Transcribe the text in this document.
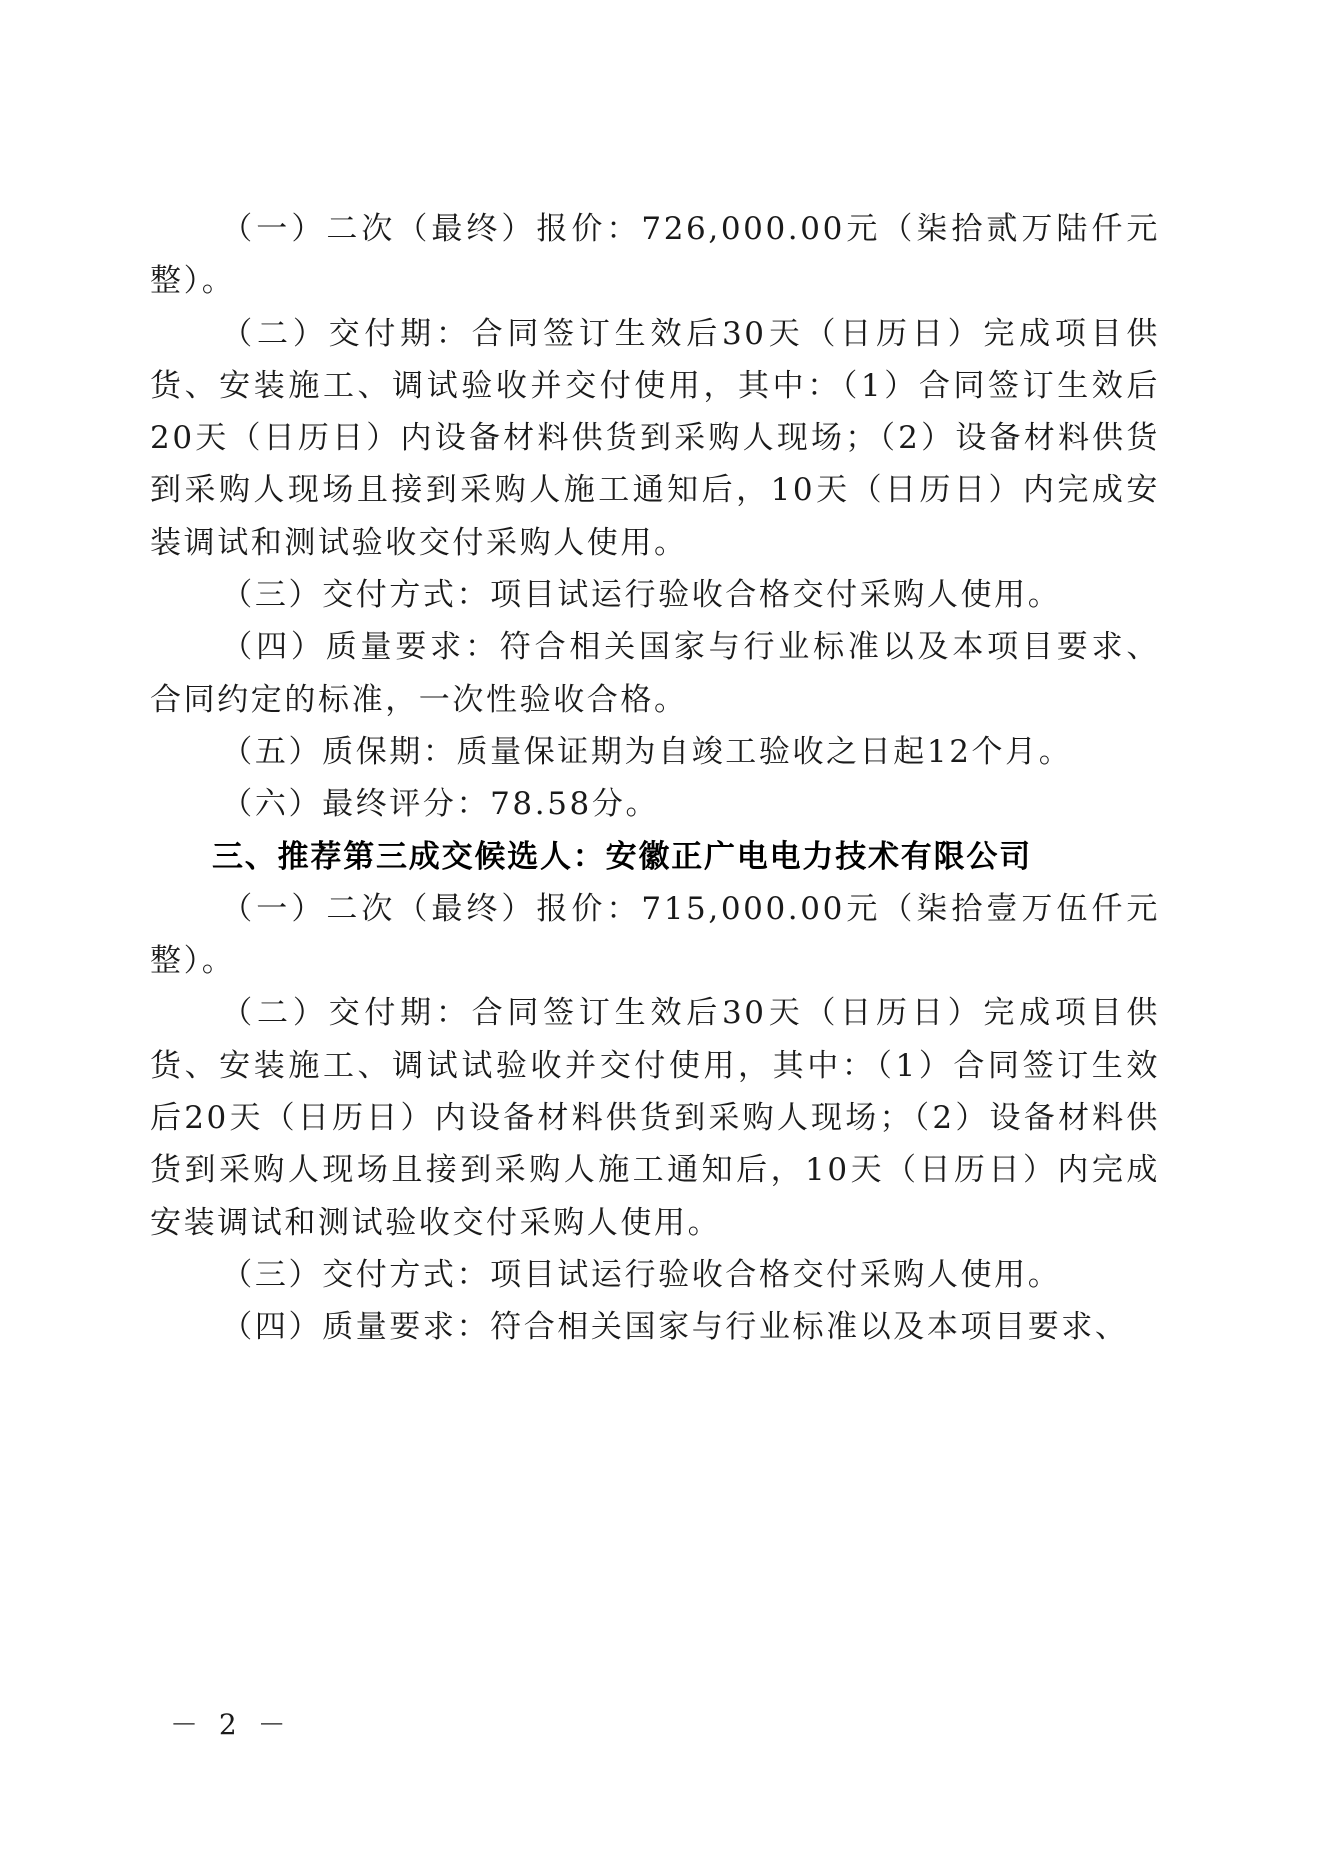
（一）二次（最终）报价：726,000.00元（柒拾贰万陆仟元整）。

（二）交付期：合同签订生效后30天（日历日）完成项目供货、安装施工、调试验收并交付使用，其中：（1）合同签订生效后20天（日历日）内设备材料供货到采购人现场；（2）设备材料供货到采购人现场且接到采购人施工通知后，10天（日历日）内完成安装调试和测试验收交付采购人使用。

（三）交付方式：项目试运行验收合格交付采购人使用。

（四）质量要求：符合相关国家与行业标准以及本项目要求、合同约定的标准，一次性验收合格。

（五）质保期：质量保证期为自竣工验收之日起12个月。

（六）最终评分：78.58分。

三、推荐第三成交候选人：安徽正广电电力技术有限公司

（一）二次（最终）报价：715,000.00元（柒拾壹万伍仟元整）。

（二）交付期：合同签订生效后30天（日历日）完成项目供货、安装施工、调试试验收并交付使用，其中：（1）合同签订生效后20天（日历日）内设备材料供货到采购人现场；（2）设备材料供货到采购人现场且接到采购人施工通知后，10天（日历日）内完成安装调试和测试验收交付采购人使用。

（三）交付方式：项目试运行验收合格交付采购人使用。

（四）质量要求：符合相关国家与行业标准以及本项目要求、

－ 2 －
